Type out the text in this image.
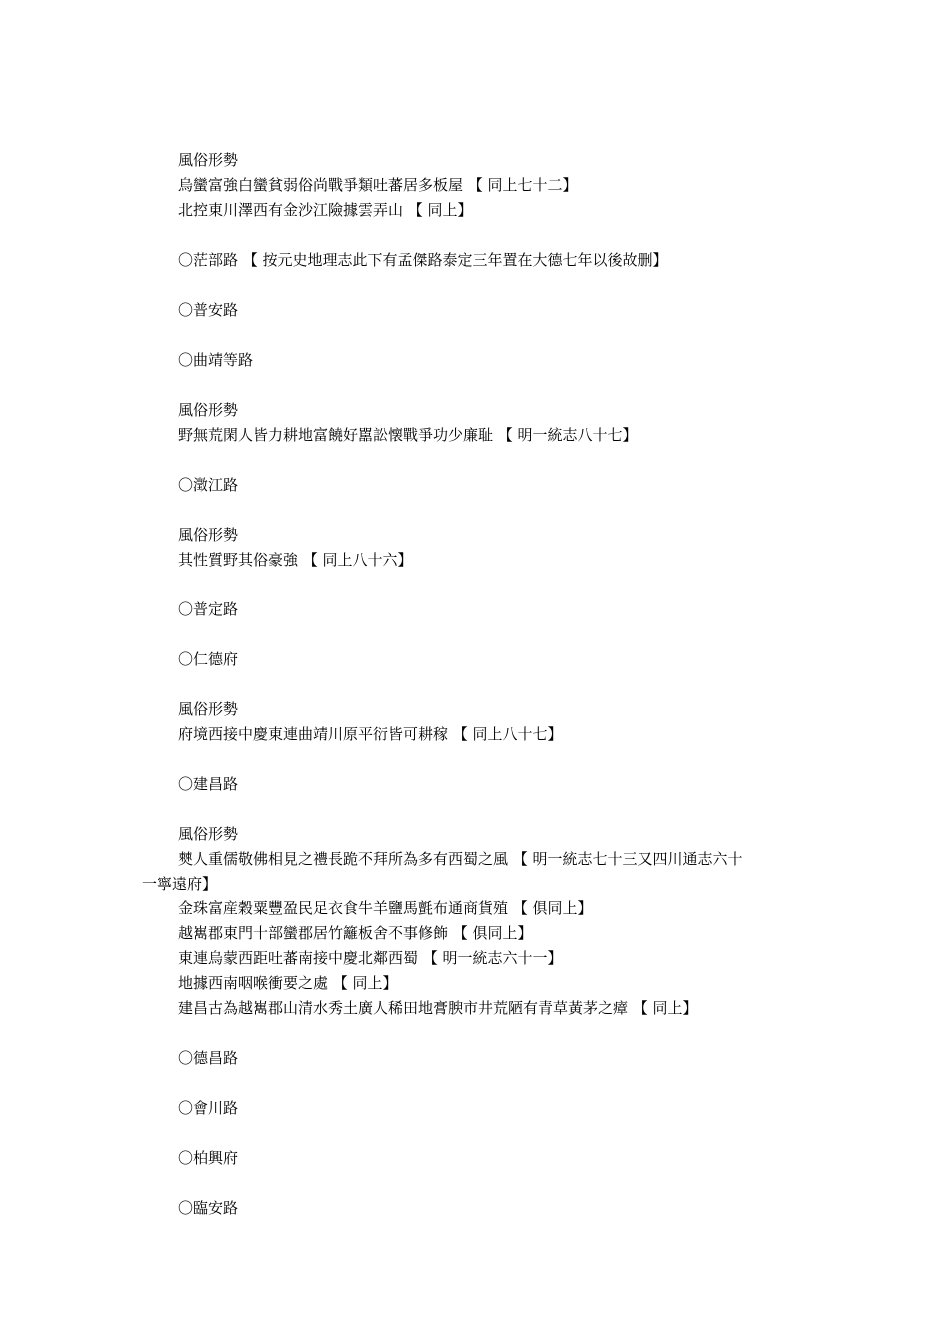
風俗形勢
烏蠻富強白蠻貧弱俗尚戰爭類吐蕃居多板屋 【 同上七十二】
北控東川澤西有金沙江險據雲弄山 【 同上】
〇茫部路 【 按元史地理志此下有孟傑路泰定三年置在大德七年以後故删】
〇普安路
〇曲靖等路
風俗形勢
野無荒閑人皆力耕地富饒好嚚訟懐戰爭功少廉耻 【 明一統志八十七】
〇澂江路
風俗形勢
其性質野其俗豪強 【 同上八十六】
〇普定路
〇仁德府
風俗形勢
府境西接中慶東連曲靖川原平衍皆可耕稼 【 同上八十七】
〇建昌路
風俗形勢
僰人重儒敬佛相見之禮長跪不拜所為多有西蜀之風 【 明一統志七十三又四川通志六十
一寧遠府】
金珠富産穀粟豐盈民足衣食牛羊鹽馬氈布通商貨殖 【 俱同上】
越嶲郡東門十部蠻郡居竹籬板舍不事修飾 【 俱同上】
東連烏蒙西距吐蕃南接中慶北鄰西蜀 【 明一統志六十一】
地據西南咽喉衝要之處 【 同上】
建昌古為越嶲郡山清水秀土廣人稀田地膏腴市井荒陋有青草黃茅之瘴 【 同上】
〇德昌路
〇會川路
〇柏興府
〇臨安路
